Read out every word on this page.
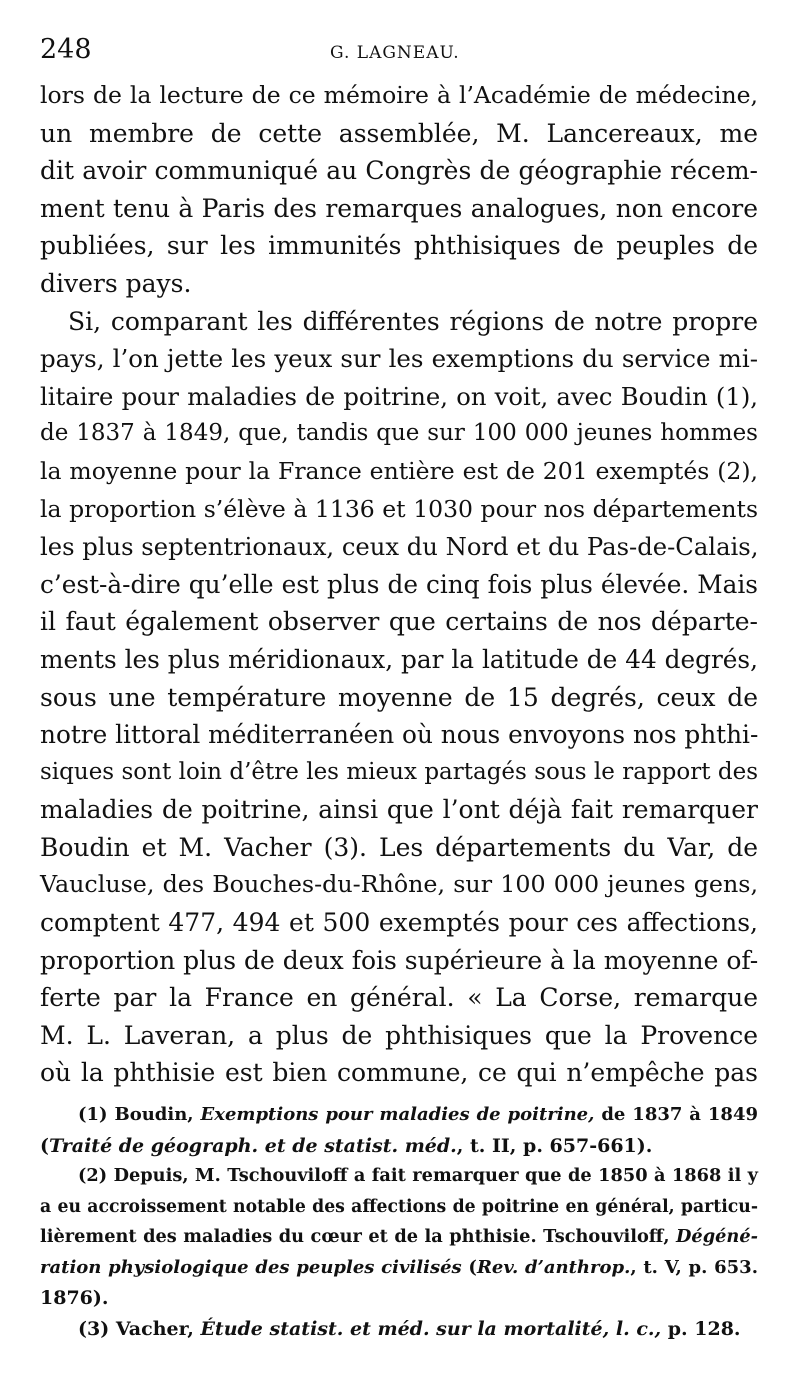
248	G. LAGNEAU.
lors de la lecture de ce mémoire à l’Académie de médecine,
un membre de cette assemblée, M. Lancereaux, me
dit avoir communiqué au Congrès de géographie récem-
ment tenu à Paris des remarques analogues, non encore
publiées, sur les immunités phthisiques de peuples de
divers pays.
Si, comparant les différentes régions de notre propre
pays, l’on jette les yeux sur les exemptions du service mi-
litaire pour maladies de poitrine, on voit, avec Boudin (1),
de 1837 à 1849, que, tandis que sur 100 000 jeunes hommes
la moyenne pour la France entière est de 201 exemptés (2),
la proportion s’élève à 1136 et 1030 pour nos départements
les plus septentrionaux, ceux du Nord et du Pas-de-Calais,
c’est-à-dire qu’elle est plus de cinq fois plus élevée. Mais
il faut également observer que certains de nos départe-
ments les plus méridionaux, par la latitude de 44 degrés,
sous une température moyenne de 15 degrés, ceux de
notre littoral méditerranéen où nous envoyons nos phthi-
siques sont loin d’être les mieux partagés sous le rapport des
maladies de poitrine, ainsi que l’ont déjà fait remarquer
Boudin et M. Vacher (3). Les départements du Var, de
Vaucluse, des Bouches-du-Rhône, sur 100 000 jeunes gens,
comptent 477, 494 et 500 exemptés pour ces affections,
proportion plus de deux fois supérieure à la moyenne of-
ferte par la France en général. « La Corse, remarque
M. L. Laveran, a plus de phthisiques que la Provence
où la phthisie est bien commune, ce qui n’empêche pas
(1) Boudin, Exemptions pour maladies de poitrine, de 1837 à 1849
(Traité de géograph. et de statist. méd., t. II, p. 657-661).
(2) Depuis, M. Tschouviloff a fait remarquer que de 1850 à 1868 il y
a eu accroissement notable des affections de poitrine en général, particu-
lièrement des maladies du cœur et de la phthisie. Tschouviloff, Dégéné-
ration physiologique des peuples civilisés (Rev. d’anthrop., t. V, p. 653.
1876).
(3) Vacher, Étude statist. et méd. sur la mortalité, l. c., p. 128.
